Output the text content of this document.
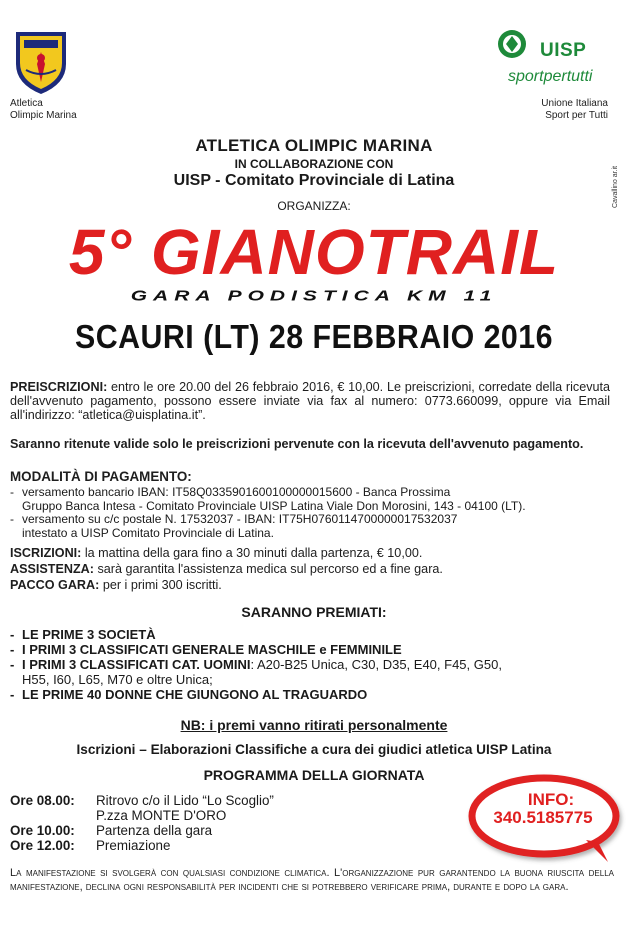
Atletica
Olimpic Marina
UISP
sportpertutti
Unione Italiana
Sport per Tutti
Cavallino ar.it
ATLETICA OLIMPIC MARINA
IN COLLABORAZIONE CON
UISP - Comitato Provinciale di Latina
ORGANIZZA:
5° GIANOTRAIL
GARA PODISTICA KM 11
SCAURI (LT) 28 FEBBRAIO 2016
PREISCRIZIONI: entro le ore 20.00 del 26 febbraio 2016, € 10,00. Le preiscrizioni, corredate della ricevuta dell'avvenuto pagamento, possono essere inviate via fax al numero: 0773.660099, oppure via Email all'indirizzo: “atletica@uisplatina.it”.
Saranno ritenute valide solo le preiscrizioni pervenute con la ricevuta dell'avvenuto pagamento.
MODALITÀ DI PAGAMENTO:
- versamento bancario IBAN: IT58Q0335901600100000015600 - Banca Prossima
Gruppo Banca Intesa - Comitato Provinciale UISP Latina Viale Don Morosini, 143 - 04100 (LT).
- versamento su c/c postale N. 17532037 - IBAN: IT75H0760114700000017532037
intestato a UISP Comitato Provinciale di Latina.
ISCRIZIONI: la mattina della gara fino a 30 minuti dalla partenza, € 10,00.
ASSISTENZA: sarà garantita l'assistenza medica sul percorso ed a fine gara.
PACCO GARA: per i primi 300 iscritti.
SARANNO PREMIATI:
- LE PRIME 3 SOCIETÀ
- I PRIMI 3 CLASSIFICATI GENERALE MASCHILE e FEMMINILE
- I PRIMI 3 CLASSIFICATI CAT. UOMINI: A20-B25 Unica, C30, D35, E40, F45, G50,
H55, I60, L65, M70 e oltre Unica;
- LE PRIME 40 DONNE CHE GIUNGONO AL TRAGUARDO
NB: i premi vanno ritirati personalmente
Iscrizioni – Elaborazioni Classifiche a cura dei giudici atletica UISP Latina
PROGRAMMA DELLA GIORNATA
Ore 08.00:	Ritrovo c/o il Lido “Lo Scoglio”
P.zza MONTE D'ORO
Ore 10.00:	Partenza della gara
Ore 12.00:	Premiazione
INFO:
340.5185775
La manifestazione si svolgerà con qualsiasi condizione climatica. L'organizzazione pur garantendo la buona riuscita della manifestazione, declina ogni responsabilità per incidenti che si potrebbero verificare prima, durante e dopo la gara.
